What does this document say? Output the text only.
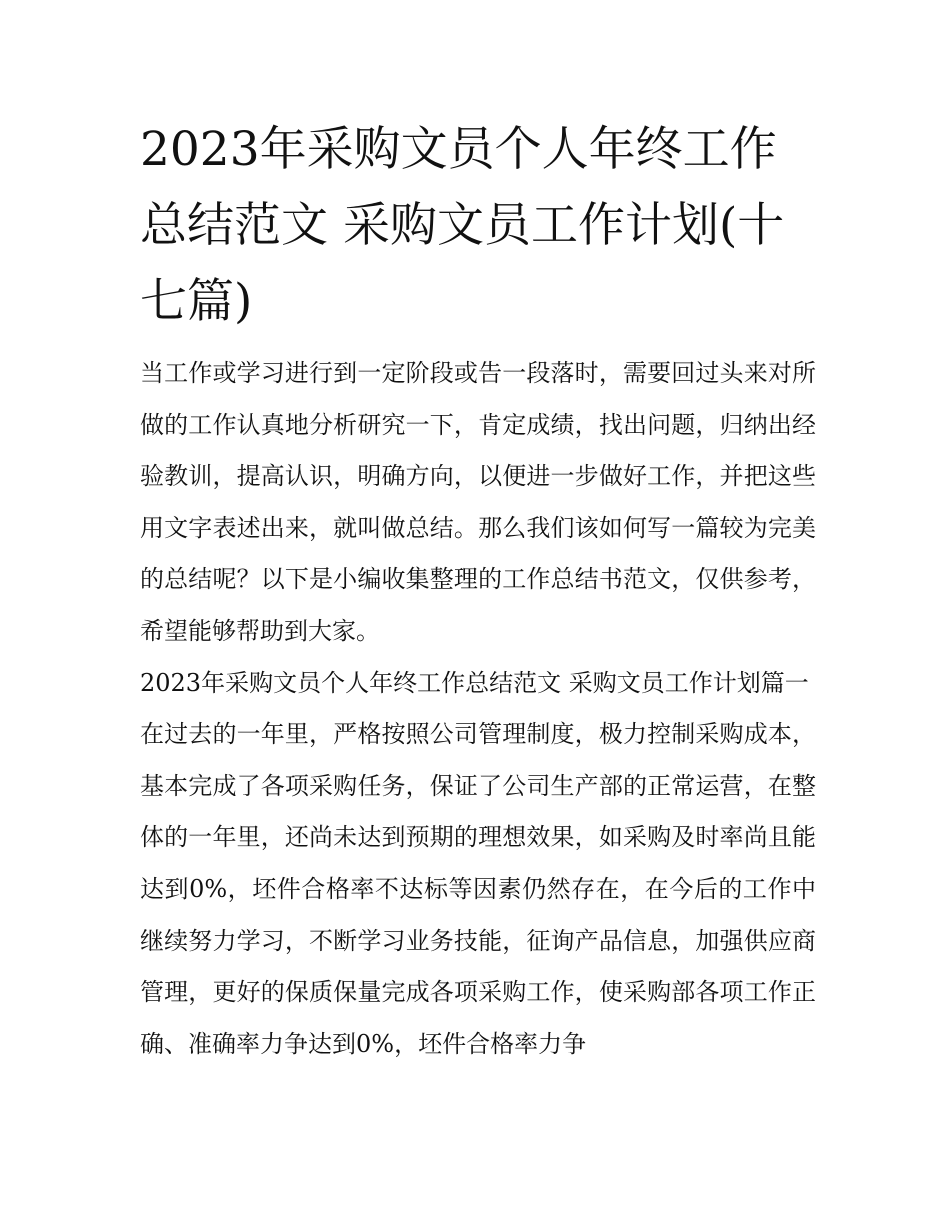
2023年采购文员个人年终工作总结范文 采购文员工作计划(十七篇)

当工作或学习进行到一定阶段或告一段落时，需要回过头来对所做的工作认真地分析研究一下，肯定成绩，找出问题，归纳出经验教训，提高认识，明确方向，以便进一步做好工作，并把这些用文字表述出来，就叫做总结。那么我们该如何写一篇较为完美的总结呢？以下是小编收集整理的工作总结书范文，仅供参考，希望能够帮助到大家。

2023年采购文员个人年终工作总结范文 采购文员工作计划篇一

在过去的一年里，严格按照公司管理制度，极力控制采购成本，基本完成了各项采购任务，保证了公司生产部的正常运营，在整体的一年里，还尚未达到预期的理想效果，如采购及时率尚且能达到0%，坯件合格率不达标等因素仍然存在，在今后的工作中继续努力学习，不断学习业务技能，征询产品信息，加强供应商管理，更好的保质保量完成各项采购工作，使采购部各项工作正确、准确率力争达到0%，坯件合格率力争
